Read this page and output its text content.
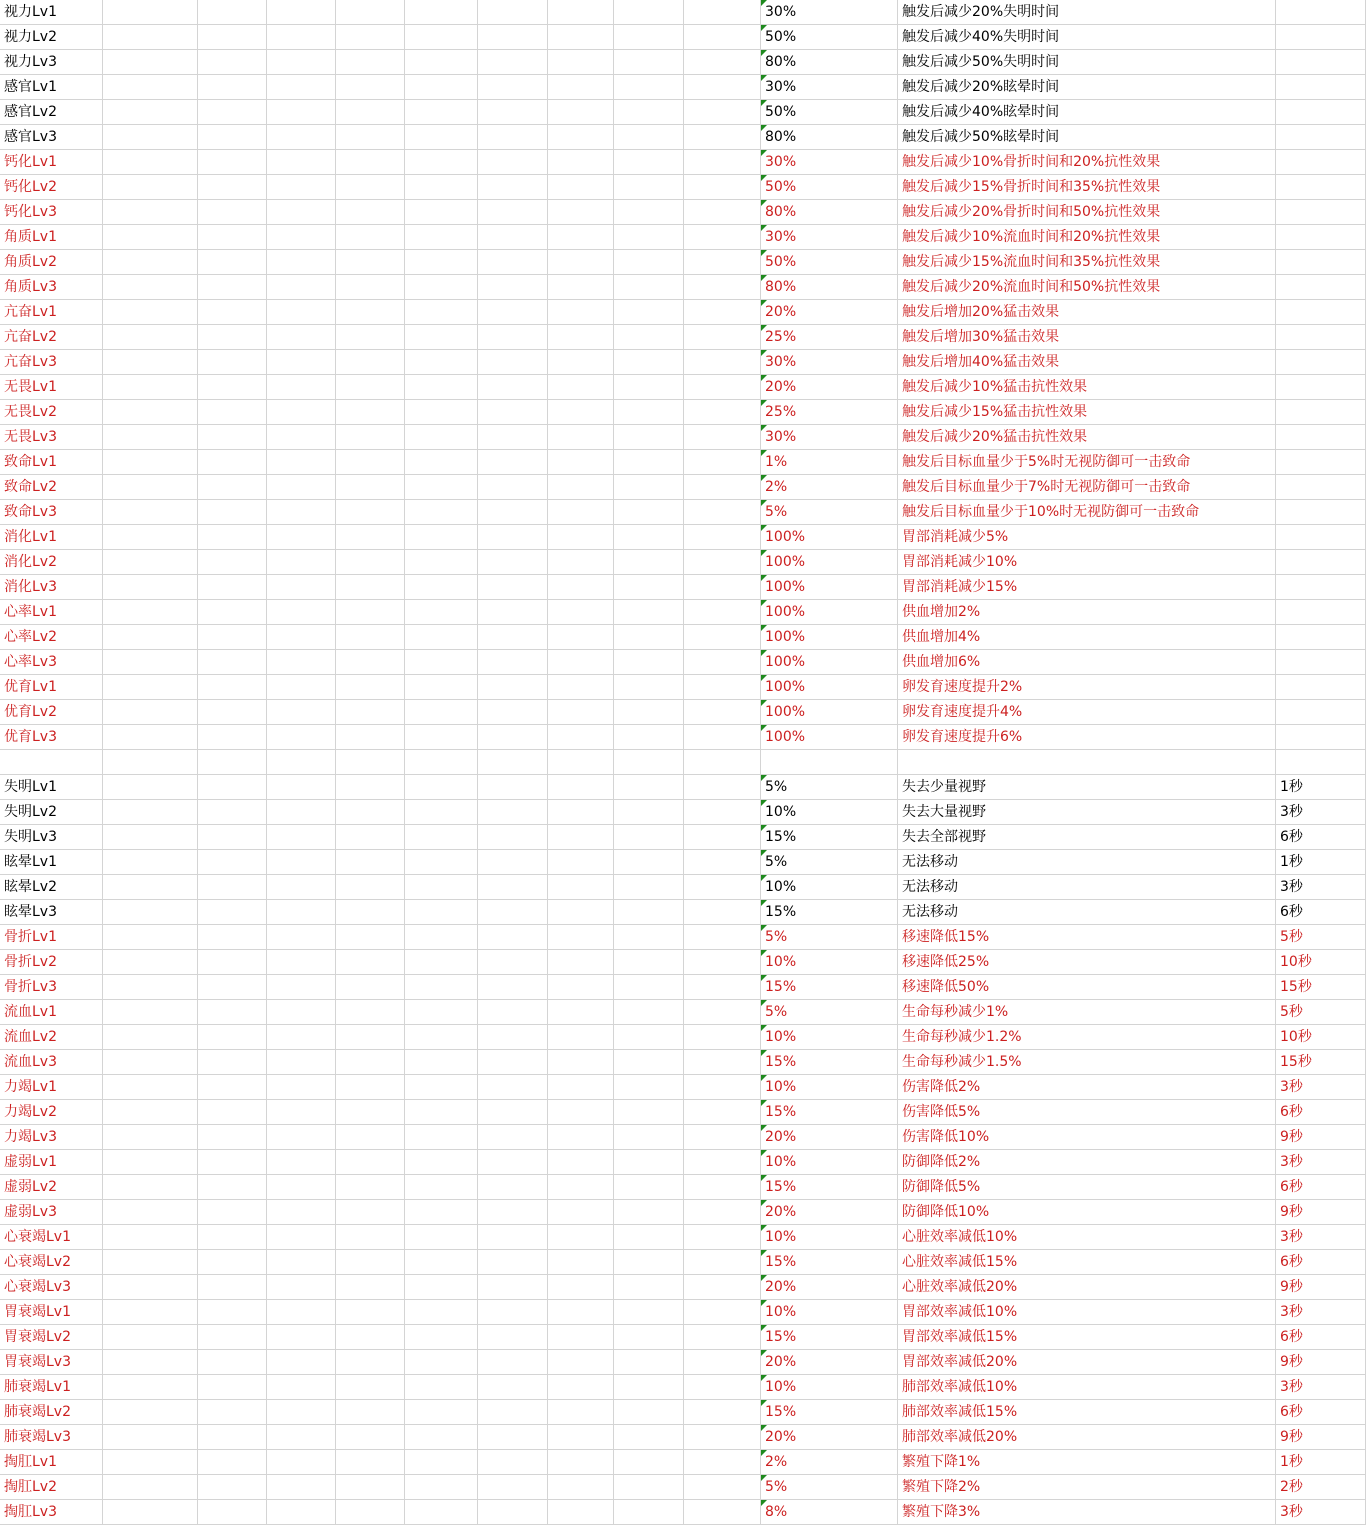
视力Lv1	30%	触发后减少20%失明时间
视力Lv2	50%	触发后减少40%失明时间
视力Lv3	80%	触发后减少50%失明时间
感官Lv1	30%	触发后减少20%眩晕时间
感官Lv2	50%	触发后减少40%眩晕时间
感官Lv3	80%	触发后减少50%眩晕时间
钙化Lv1	30%	触发后减少10%骨折时间和20%抗性效果
钙化Lv2	50%	触发后减少15%骨折时间和35%抗性效果
钙化Lv3	80%	触发后减少20%骨折时间和50%抗性效果
角质Lv1	30%	触发后减少10%流血时间和20%抗性效果
角质Lv2	50%	触发后减少15%流血时间和35%抗性效果
角质Lv3	80%	触发后减少20%流血时间和50%抗性效果
亢奋Lv1	20%	触发后增加20%猛击效果
亢奋Lv2	25%	触发后增加30%猛击效果
亢奋Lv3	30%	触发后增加40%猛击效果
无畏Lv1	20%	触发后减少10%猛击抗性效果
无畏Lv2	25%	触发后减少15%猛击抗性效果
无畏Lv3	30%	触发后减少20%猛击抗性效果
致命Lv1	1%	触发后目标血量少于5%时无视防御可一击致命
致命Lv2	2%	触发后目标血量少于7%时无视防御可一击致命
致命Lv3	5%	触发后目标血量少于10%时无视防御可一击致命
消化Lv1	100%	胃部消耗减少5%
消化Lv2	100%	胃部消耗减少10%
消化Lv3	100%	胃部消耗减少15%
心率Lv1	100%	供血增加2%
心率Lv2	100%	供血增加4%
心率Lv3	100%	供血增加6%
优育Lv1	100%	卵发育速度提升2%
优育Lv2	100%	卵发育速度提升4%
优育Lv3	100%	卵发育速度提升6%
失明Lv1	5%	失去少量视野	1秒
失明Lv2	10%	失去大量视野	3秒
失明Lv3	15%	失去全部视野	6秒
眩晕Lv1	5%	无法移动	1秒
眩晕Lv2	10%	无法移动	3秒
眩晕Lv3	15%	无法移动	6秒
骨折Lv1	5%	移速降低15%	5秒
骨折Lv2	10%	移速降低25%	10秒
骨折Lv3	15%	移速降低50%	15秒
流血Lv1	5%	生命每秒减少1%	5秒
流血Lv2	10%	生命每秒减少1.2%	10秒
流血Lv3	15%	生命每秒减少1.5%	15秒
力竭Lv1	10%	伤害降低2%	3秒
力竭Lv2	15%	伤害降低5%	6秒
力竭Lv3	20%	伤害降低10%	9秒
虚弱Lv1	10%	防御降低2%	3秒
虚弱Lv2	15%	防御降低5%	6秒
虚弱Lv3	20%	防御降低10%	9秒
心衰竭Lv1	10%	心脏效率减低10%	3秒
心衰竭Lv2	15%	心脏效率减低15%	6秒
心衰竭Lv3	20%	心脏效率减低20%	9秒
胃衰竭Lv1	10%	胃部效率减低10%	3秒
胃衰竭Lv2	15%	胃部效率减低15%	6秒
胃衰竭Lv3	20%	胃部效率减低20%	9秒
肺衰竭Lv1	10%	肺部效率减低10%	3秒
肺衰竭Lv2	15%	肺部效率减低15%	6秒
肺衰竭Lv3	20%	肺部效率减低20%	9秒
掏肛Lv1	2%	繁殖下降1%	1秒
掏肛Lv2	5%	繁殖下降2%	2秒
掏肛Lv3	8%	繁殖下降3%	3秒
